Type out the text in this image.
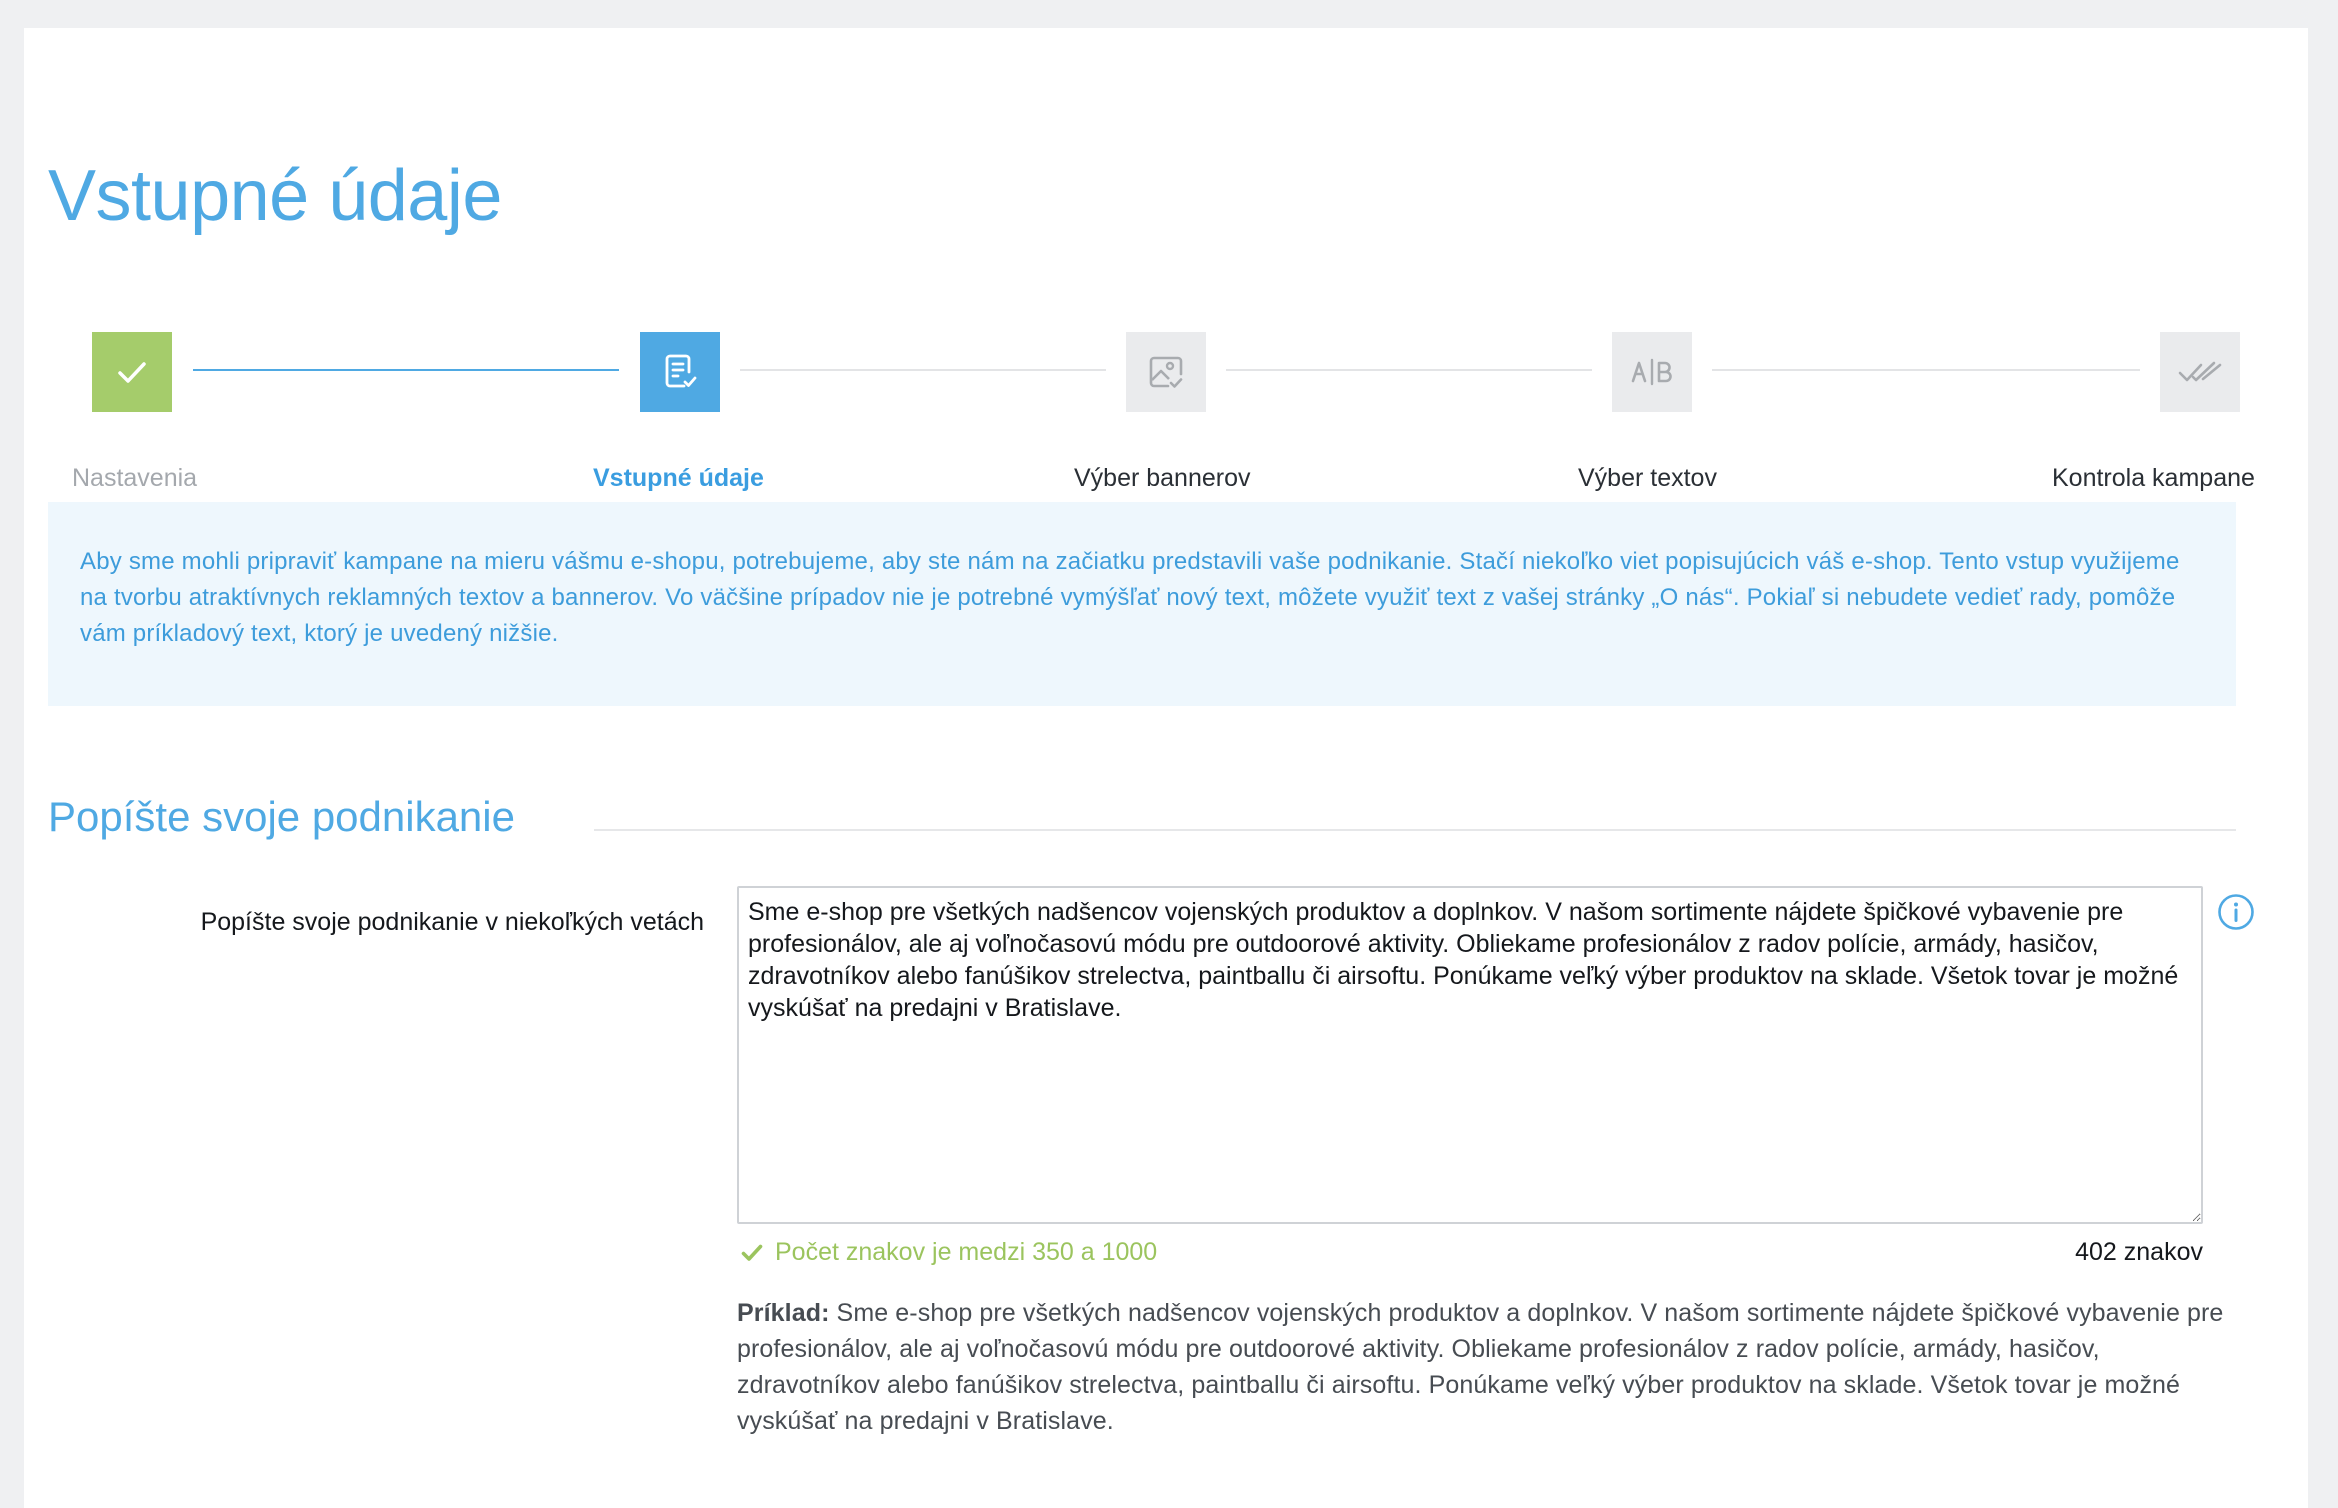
Vstupné údaje
Nastavenia	Vstupné údaje	Výber bannerov	Výber textov	Kontrola kampane
Aby sme mohli pripraviť kampane na mieru vášmu e-shopu, potrebujeme, aby ste nám na začiatku predstavili vaše podnikanie. Stačí niekoľko viet popisujúcich váš e-shop. Tento vstup využijeme na tvorbu atraktívnych reklamných textov a bannerov. Vo väčšine prípadov nie je potrebné vymýšľať nový text, môžete využiť text z vašej stránky „O nás“. Pokiaľ si nebudete vedieť rady, pomôže vám príkladový text, ktorý je uvedený nižšie.
Popíšte svoje podnikanie
Popíšte svoje podnikanie v niekoľkých vetách
Sme e-shop pre všetkých nadšencov vojenských produktov a doplnkov. V našom sortimente nájdete špičkové vybavenie pre profesionálov, ale aj voľnočasovú módu pre outdoorové aktivity. Obliekame profesionálov z radov polície, armády, hasičov, zdravotníkov alebo fanúšikov strelectva, paintballu či airsoftu. Ponúkame veľký výber produktov na sklade. Všetok tovar je možné vyskúšať na predajni v Bratislave.
Počet znakov je medzi 350 a 1000	402 znakov
Príklad: Sme e-shop pre všetkých nadšencov vojenských produktov a doplnkov. V našom sortimente nájdete špičkové vybavenie pre profesionálov, ale aj voľnočasovú módu pre outdoorové aktivity. Obliekame profesionálov z radov polície, armády, hasičov, zdravotníkov alebo fanúšikov strelectva, paintballu či airsoftu. Ponúkame veľký výber produktov na sklade. Všetok tovar je možné vyskúšať na predajni v Bratislave.
